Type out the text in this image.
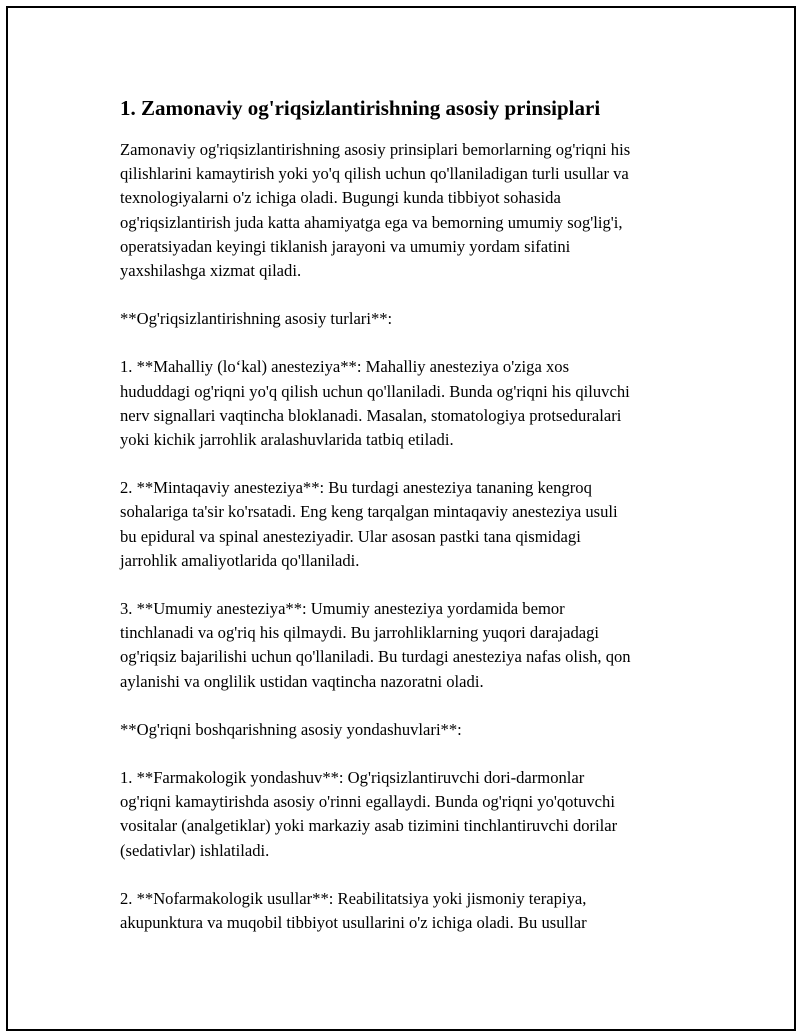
1. Zamonaviy og'riqsizlantirishning asosiy prinsiplari

Zamonaviy og'riqsizlantirishning asosiy prinsiplari bemorlarning og'riqni his
qilishlarini kamaytirish yoki yo'q qilish uchun qo'llaniladigan turli usullar va
texnologiyalarni o'z ichiga oladi. Bugungi kunda tibbiyot sohasida
og'riqsizlantirish juda katta ahamiyatga ega va bemorning umumiy sog'lig'i,
operatsiyadan keyingi tiklanish jarayoni va umumiy yordam sifatini
yaxshilashga xizmat qiladi.

**Og'riqsizlantirishning asosiy turlari**:

1. **Mahalliy (lo‘kal) anesteziya**: Mahalliy anesteziya o'ziga xos
hududdagi og'riqni yo'q qilish uchun qo'llaniladi. Bunda og'riqni his qiluvchi
nerv signallari vaqtincha bloklanadi. Masalan, stomatologiya protseduralari
yoki kichik jarrohlik aralashuvlarida tatbiq etiladi.

2. **Mintaqaviy anesteziya**: Bu turdagi anesteziya tananing kengroq
sohalariga ta'sir ko'rsatadi. Eng keng tarqalgan mintaqaviy anesteziya usuli
bu epidural va spinal anesteziyadir. Ular asosan pastki tana qismidagi
jarrohlik amaliyotlarida qo'llaniladi.

3. **Umumiy anesteziya**: Umumiy anesteziya yordamida bemor
tinchlanadi va og'riq his qilmaydi. Bu jarrohliklarning yuqori darajadagi
og'riqsiz bajarilishi uchun qo'llaniladi. Bu turdagi anesteziya nafas olish, qon
aylanishi va onglilik ustidan vaqtincha nazoratni oladi.

**Og'riqni boshqarishning asosiy yondashuvlari**:

1. **Farmakologik yondashuv**: Og'riqsizlantiruvchi dori-darmonlar
og'riqni kamaytirishda asosiy o'rinni egallaydi. Bunda og'riqni yo'qotuvchi
vositalar (analgetiklar) yoki markaziy asab tizimini tinchlantiruvchi dorilar
(sedativlar) ishlatiladi.

2. **Nofarmakologik usullar**: Reabilitatsiya yoki jismoniy terapiya,
akupunktura va muqobil tibbiyot usullarini o'z ichiga oladi. Bu usullar
